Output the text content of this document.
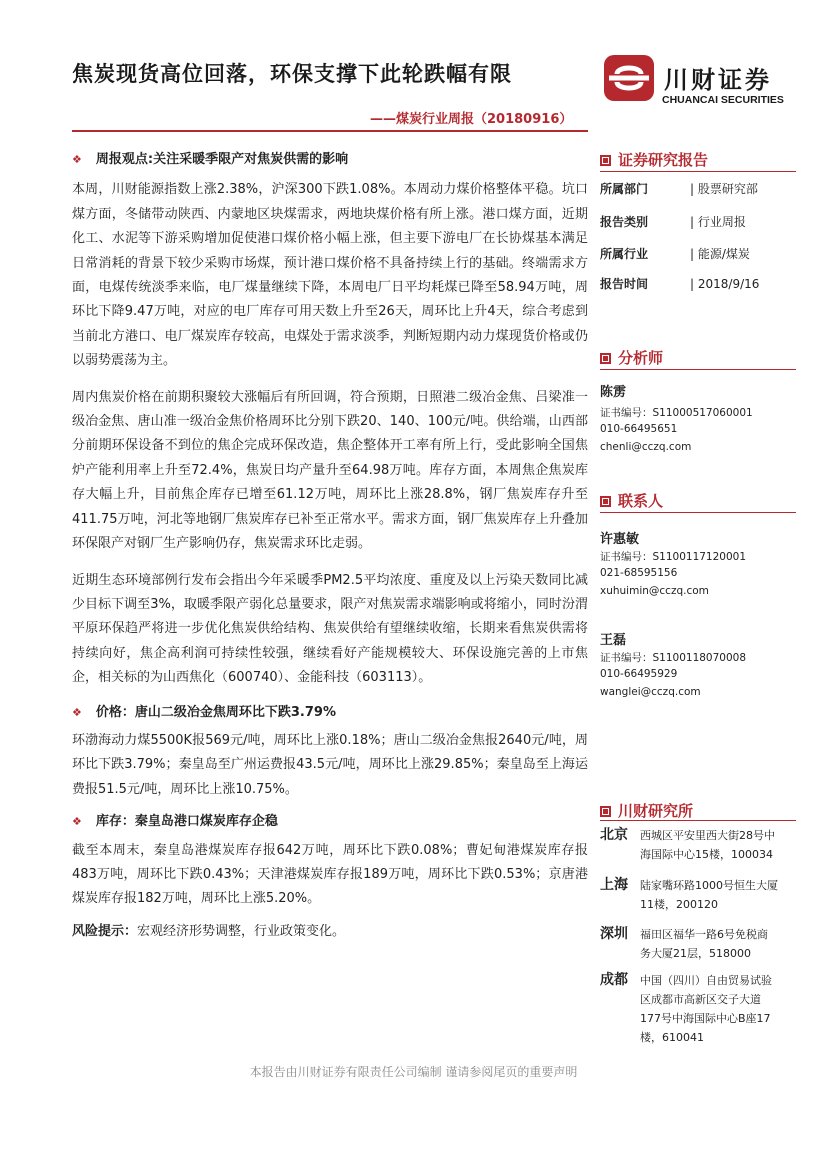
焦炭现货高位回落，环保支撑下此轮跌幅有限
——煤炭行业周报（20180916）
川财证券
CHUANCAI SECURITIES
❖ 周报观点:关注采暖季限产对焦炭供需的影响

本周，川财能源指数上涨2.38%，沪深300下跌1.08%。本周动力煤价格整体平稳。坑口煤方面，冬储带动陕西、内蒙地区块煤需求，两地块煤价格有所上涨。港口煤方面，近期化工、水泥等下游采购增加促使港口煤价格小幅上涨，但主要下游电厂在长协煤基本满足日常消耗的背景下较少采购市场煤，预计港口煤价格不具备持续上行的基础。终端需求方面，电煤传统淡季来临，电厂煤量继续下降，本周电厂日平均耗煤已降至58.94万吨，周环比下降9.47万吨，对应的电厂库存可用天数上升至26天，周环比上升4天，综合考虑到当前北方港口、电厂煤炭库存较高，电煤处于需求淡季，判断短期内动力煤现货价格或仍以弱势震荡为主。

周内焦炭价格在前期积聚较大涨幅后有所回调，符合预期，日照港二级冶金焦、吕梁准一级冶金焦、唐山准一级冶金焦价格周环比分别下跌20、140、100元/吨。供给端，山西部分前期环保设备不到位的焦企完成环保改造，焦企整体开工率有所上行，受此影响全国焦炉产能利用率上升至72.4%，焦炭日均产量升至64.98万吨。库存方面，本周焦企焦炭库存大幅上升，目前焦企库存已增至61.12万吨，周环比上涨28.8%，钢厂焦炭库存升至411.75万吨，河北等地钢厂焦炭库存已补至正常水平。需求方面，钢厂焦炭库存上升叠加环保限产对钢厂生产影响仍存，焦炭需求环比走弱。

近期生态环境部例行发布会指出今年采暖季PM2.5平均浓度、重度及以上污染天数同比减少目标下调至3%，取暖季限产弱化总量要求，限产对焦炭需求端影响或将缩小，同时汾渭平原环保趋严将进一步优化焦炭供给结构、焦炭供给有望继续收缩，长期来看焦炭供需将持续向好，焦企高利润可持续性较强，继续看好产能规模较大、环保设施完善的上市焦企，相关标的为山西焦化（600740）、金能科技（603113）。

❖ 价格：唐山二级冶金焦周环比下跌3.79%

环渤海动力煤5500K报569元/吨，周环比上涨0.18%；唐山二级冶金焦报2640元/吨，周环比下跌3.79%；秦皇岛至广州运费报43.5元/吨，周环比上涨29.85%；秦皇岛至上海运费报51.5元/吨，周环比上涨10.75%。

❖ 库存：秦皇岛港口煤炭库存企稳

截至本周末，秦皇岛港煤炭库存报642万吨，周环比下跌0.08%；曹妃甸港煤炭库存报483万吨，周环比下跌0.43%；天津港煤炭库存报189万吨，周环比下跌0.53%；京唐港煤炭库存报182万吨，周环比上涨5.20%。

风险提示：宏观经济形势调整，行业政策变化。

证券研究报告
所属部门	| 股票研究部
报告类别	| 行业周报
所属行业	| 能源/煤炭
报告时间	| 2018/9/16
分析师
陈雳
证书编号：S1100051706000​1
010-66495651
chenli@cczq.com
联系人
许惠敏
证书编号：S1100117120001
021-68595156
xuhuimin@cczq.com
王磊
证书编号：S1100118070008
010-66495929
wanglei@cczq.com
川财研究所
北京 西城区平安里西大街28号中
海国际中心15楼，100034
上海 陆家嘴环路1000号恒生大厦
11楼，200120
深圳 福田区福华一路6号免税商
务大厦21层，518000
成都 中国（四川）自由贸易试验
区成都市高新区交子大道
177号中海国际中心B座17
楼，610041
本报告由川财证券有限责任公司编制 谨请参阅尾页的重要声明
